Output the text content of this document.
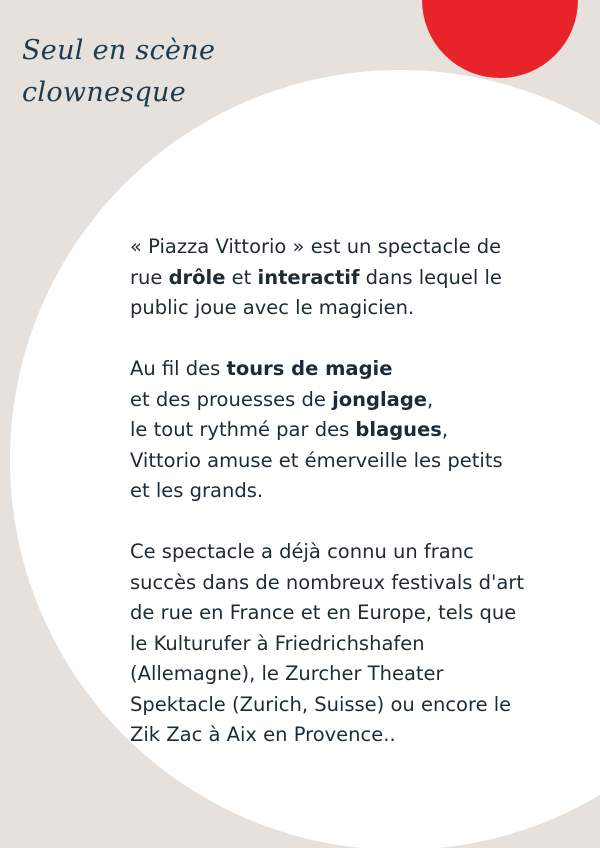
Seul en scène
clownesque

« Piazza Vittorio » est un spectacle de
rue drôle et interactif dans lequel le
public joue avec le magicien.

Au fil des tours de magie
et des prouesses de jonglage,
le tout rythmé par des blagues,
Vittorio amuse et émerveille les petits
et les grands.

Ce spectacle a déjà connu un franc
succès dans de nombreux festivals d'art
de rue en France et en Europe, tels que
le Kulturufer à Friedrichshafen
(Allemagne), le Zurcher Theater
Spektacle (Zurich, Suisse) ou encore le
Zik Zac à Aix en Provence..
